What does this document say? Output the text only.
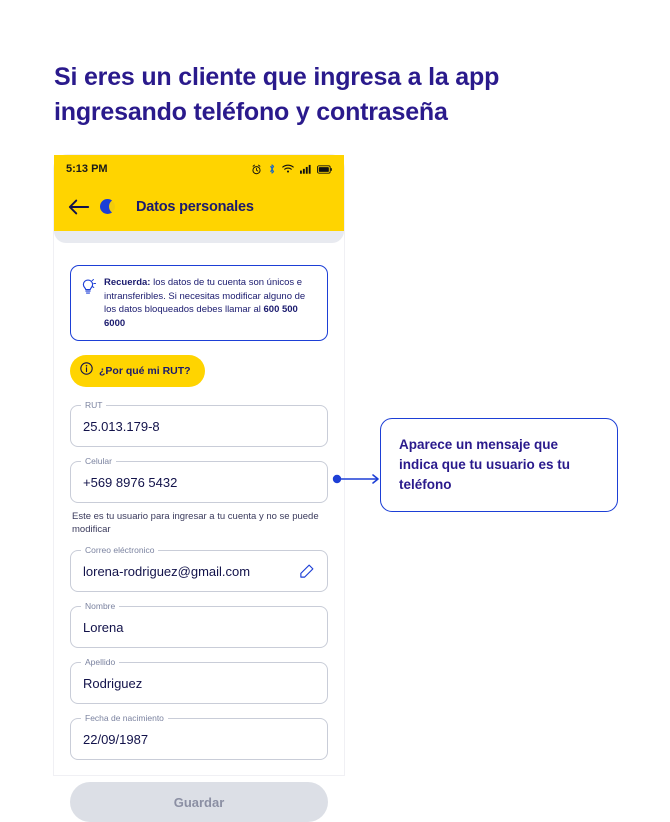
Si eres un cliente que ingresa a la app ingresando teléfono y contraseña
5:13 PM
Datos personales

Recuerda: los datos de tu cuenta son únicos e intransferibles. Si necesitas modificar alguno de los datos bloqueados debes llamar al 600 500 6000

¿Por qué mi RUT?
RUT
25.013.179-8
Celular
+569 8976 5432
Este es tu usuario para ingresar a tu cuenta y no se puede modificar
Correo eléctronico
lorena-rodriguez@gmail.com
Nombre
Lorena
Apellido
Rodriguez
Fecha de nacimiento
22/09/1987
Guardar

Aparece un mensaje que indica que tu usuario es tu teléfono
